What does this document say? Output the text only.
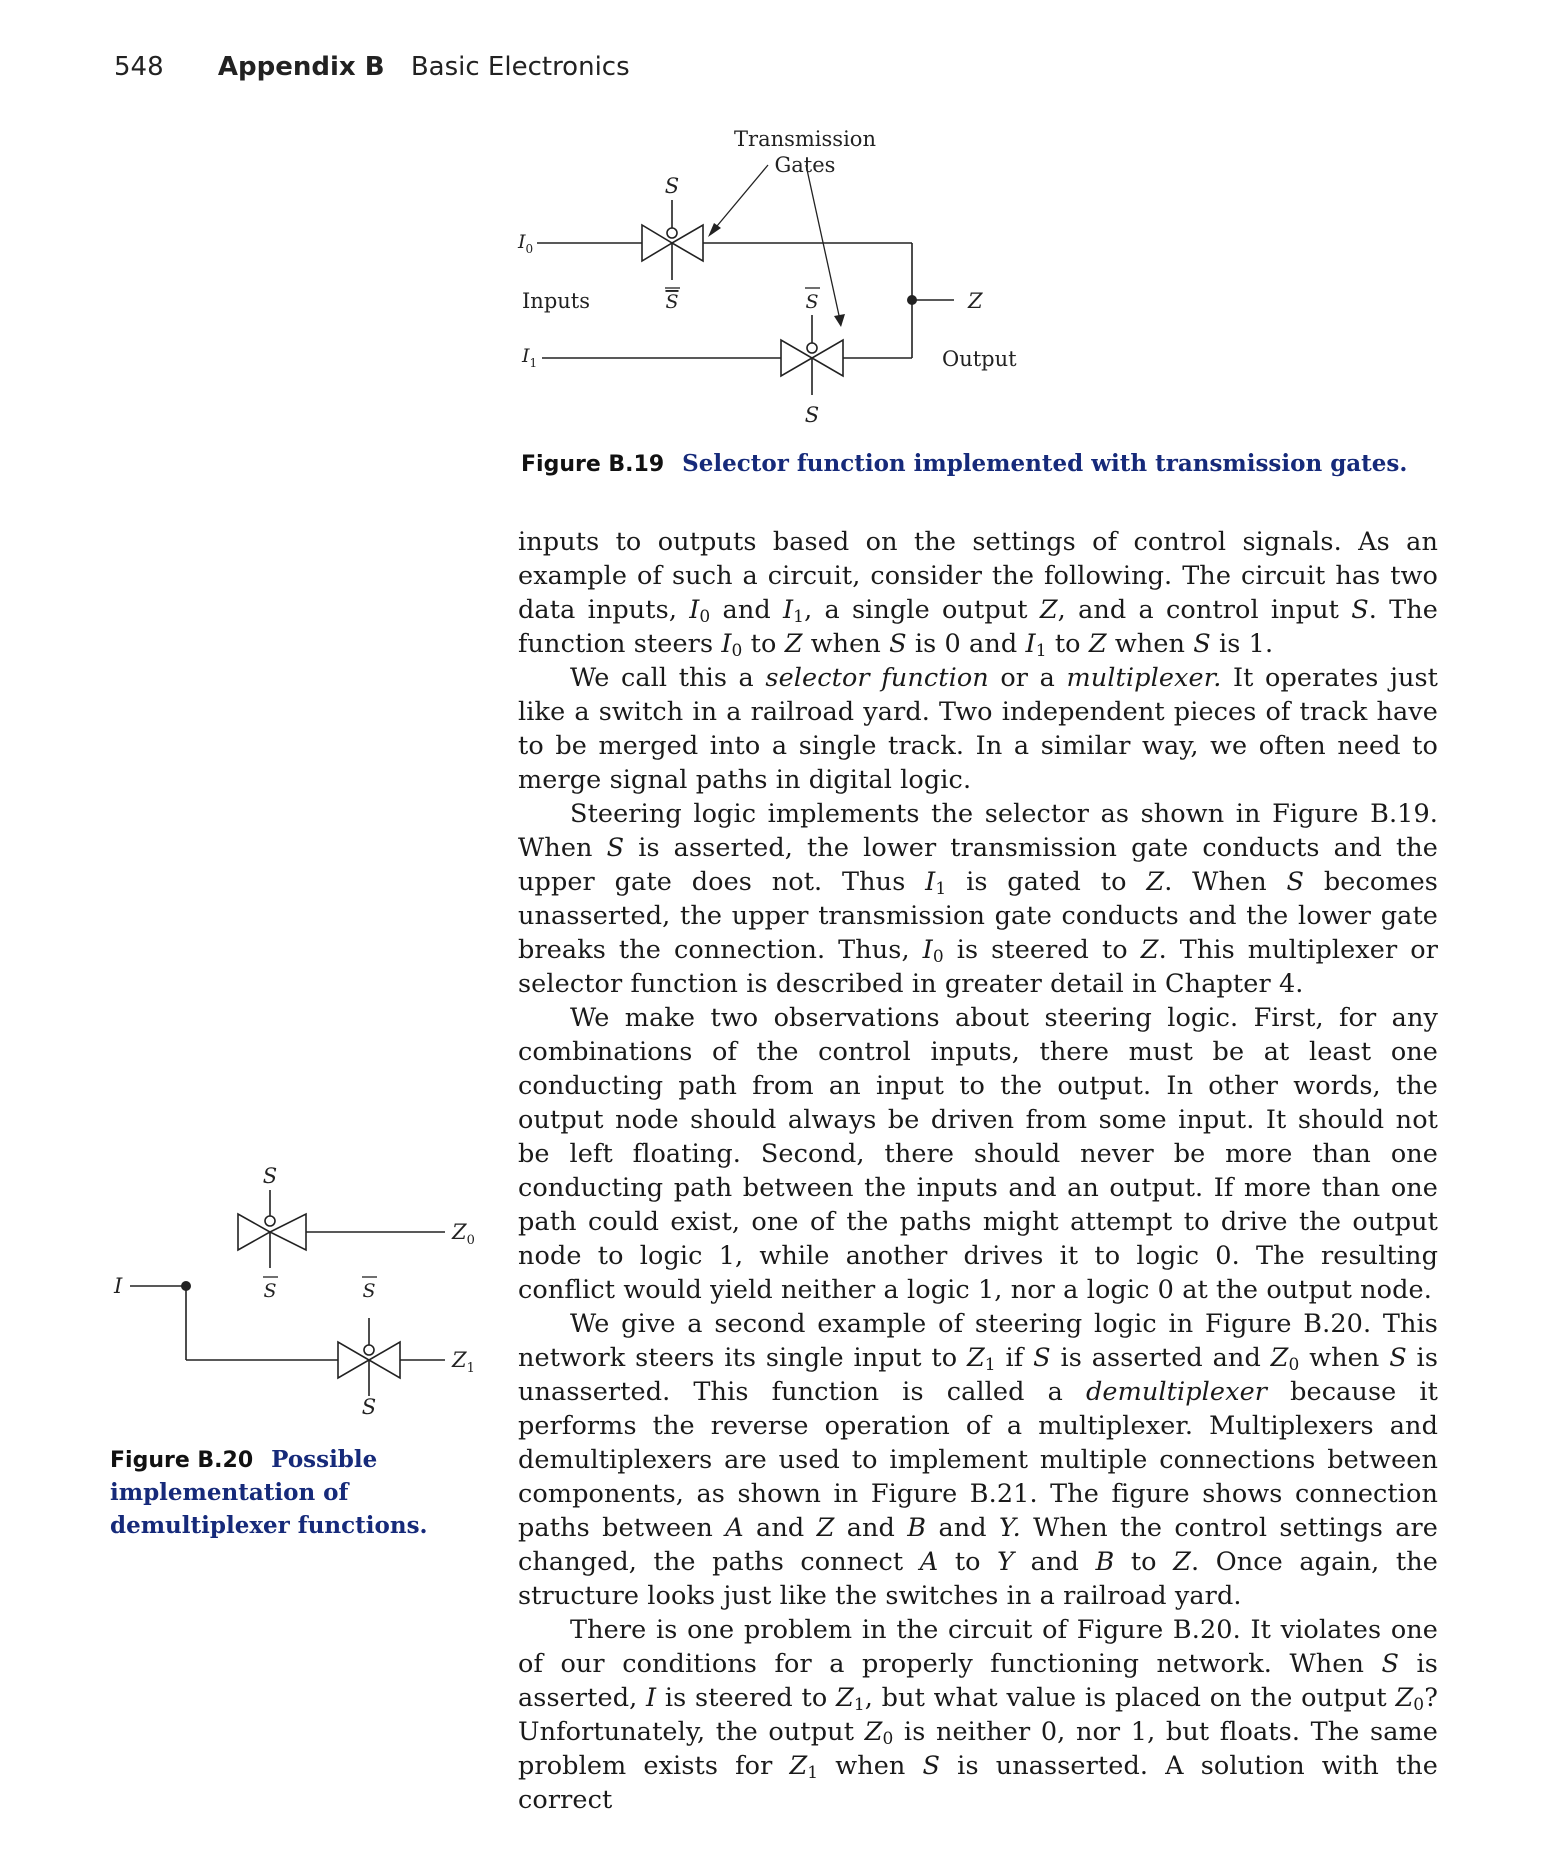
548 Appendix B Basic Electronics
Transmission
Gates
S
$I_0$
Inputs	S	S	Z
$I_1$	Output
S
Figure B.19 Selector function implemented with transmission gates.
S
$Z_0$
I	S	S
$Z_1$
S
Figure B.20 Possible implementation of demultiplexer functions.

inputs to outputs based on the settings of control signals. As an example of such a circuit, consider the following. The circuit has two data inputs, $I_0$ and $I_1$, a single output Z, and a control input S. The function steers $I_0$ to Z when S is 0 and $I_1$ to Z when S is 1.

We call this a selector function or a multiplexer. It operates just like a switch in a railroad yard. Two independent pieces of track have to be merged into a single track. In a similar way, we often need to merge signal paths in digital logic.

Steering logic implements the selector as shown in Figure B.19. When S is asserted, the lower transmission gate conducts and the upper gate does not. Thus $I_1$ is gated to Z. When S becomes unasserted, the upper transmission gate conducts and the lower gate breaks the connection. Thus, $I_0$ is steered to Z. This multiplexer or selector function is described in greater detail in Chapter 4.

We make two observations about steering logic. First, for any combinations of the control inputs, there must be at least one conducting path from an input to the output. In other words, the output node should always be driven from some input. It should not be left floating. Second, there should never be more than one conducting path between the inputs and an output. If more than one path could exist, one of the paths might attempt to drive the output node to logic 1, while another drives it to logic 0. The resulting conflict would yield neither a logic 1, nor a logic 0 at the output node.

We give a second example of steering logic in Figure B.20. This network steers its single input to $Z_1$ if S is asserted and $Z_0$ when S is unasserted. This function is called a demultiplexer because it performs the reverse operation of a multiplexer. Multiplexers and demultiplexers are used to implement multiple connections between components, as shown in Figure B.21. The figure shows connection paths between A and Z and B and Y. When the control settings are changed, the paths connect A to Y and B to Z. Once again, the structure looks just like the switches in a railroad yard.

There is one problem in the circuit of Figure B.20. It violates one of our conditions for a properly functioning network. When S is asserted, I is steered to $Z_1$, but what value is placed on the output $Z_0$? Unfortunately, the output $Z_0$ is neither 0, nor 1, but floats. The same problem exists for $Z_1$ when S is unasserted. A solution with the correct
